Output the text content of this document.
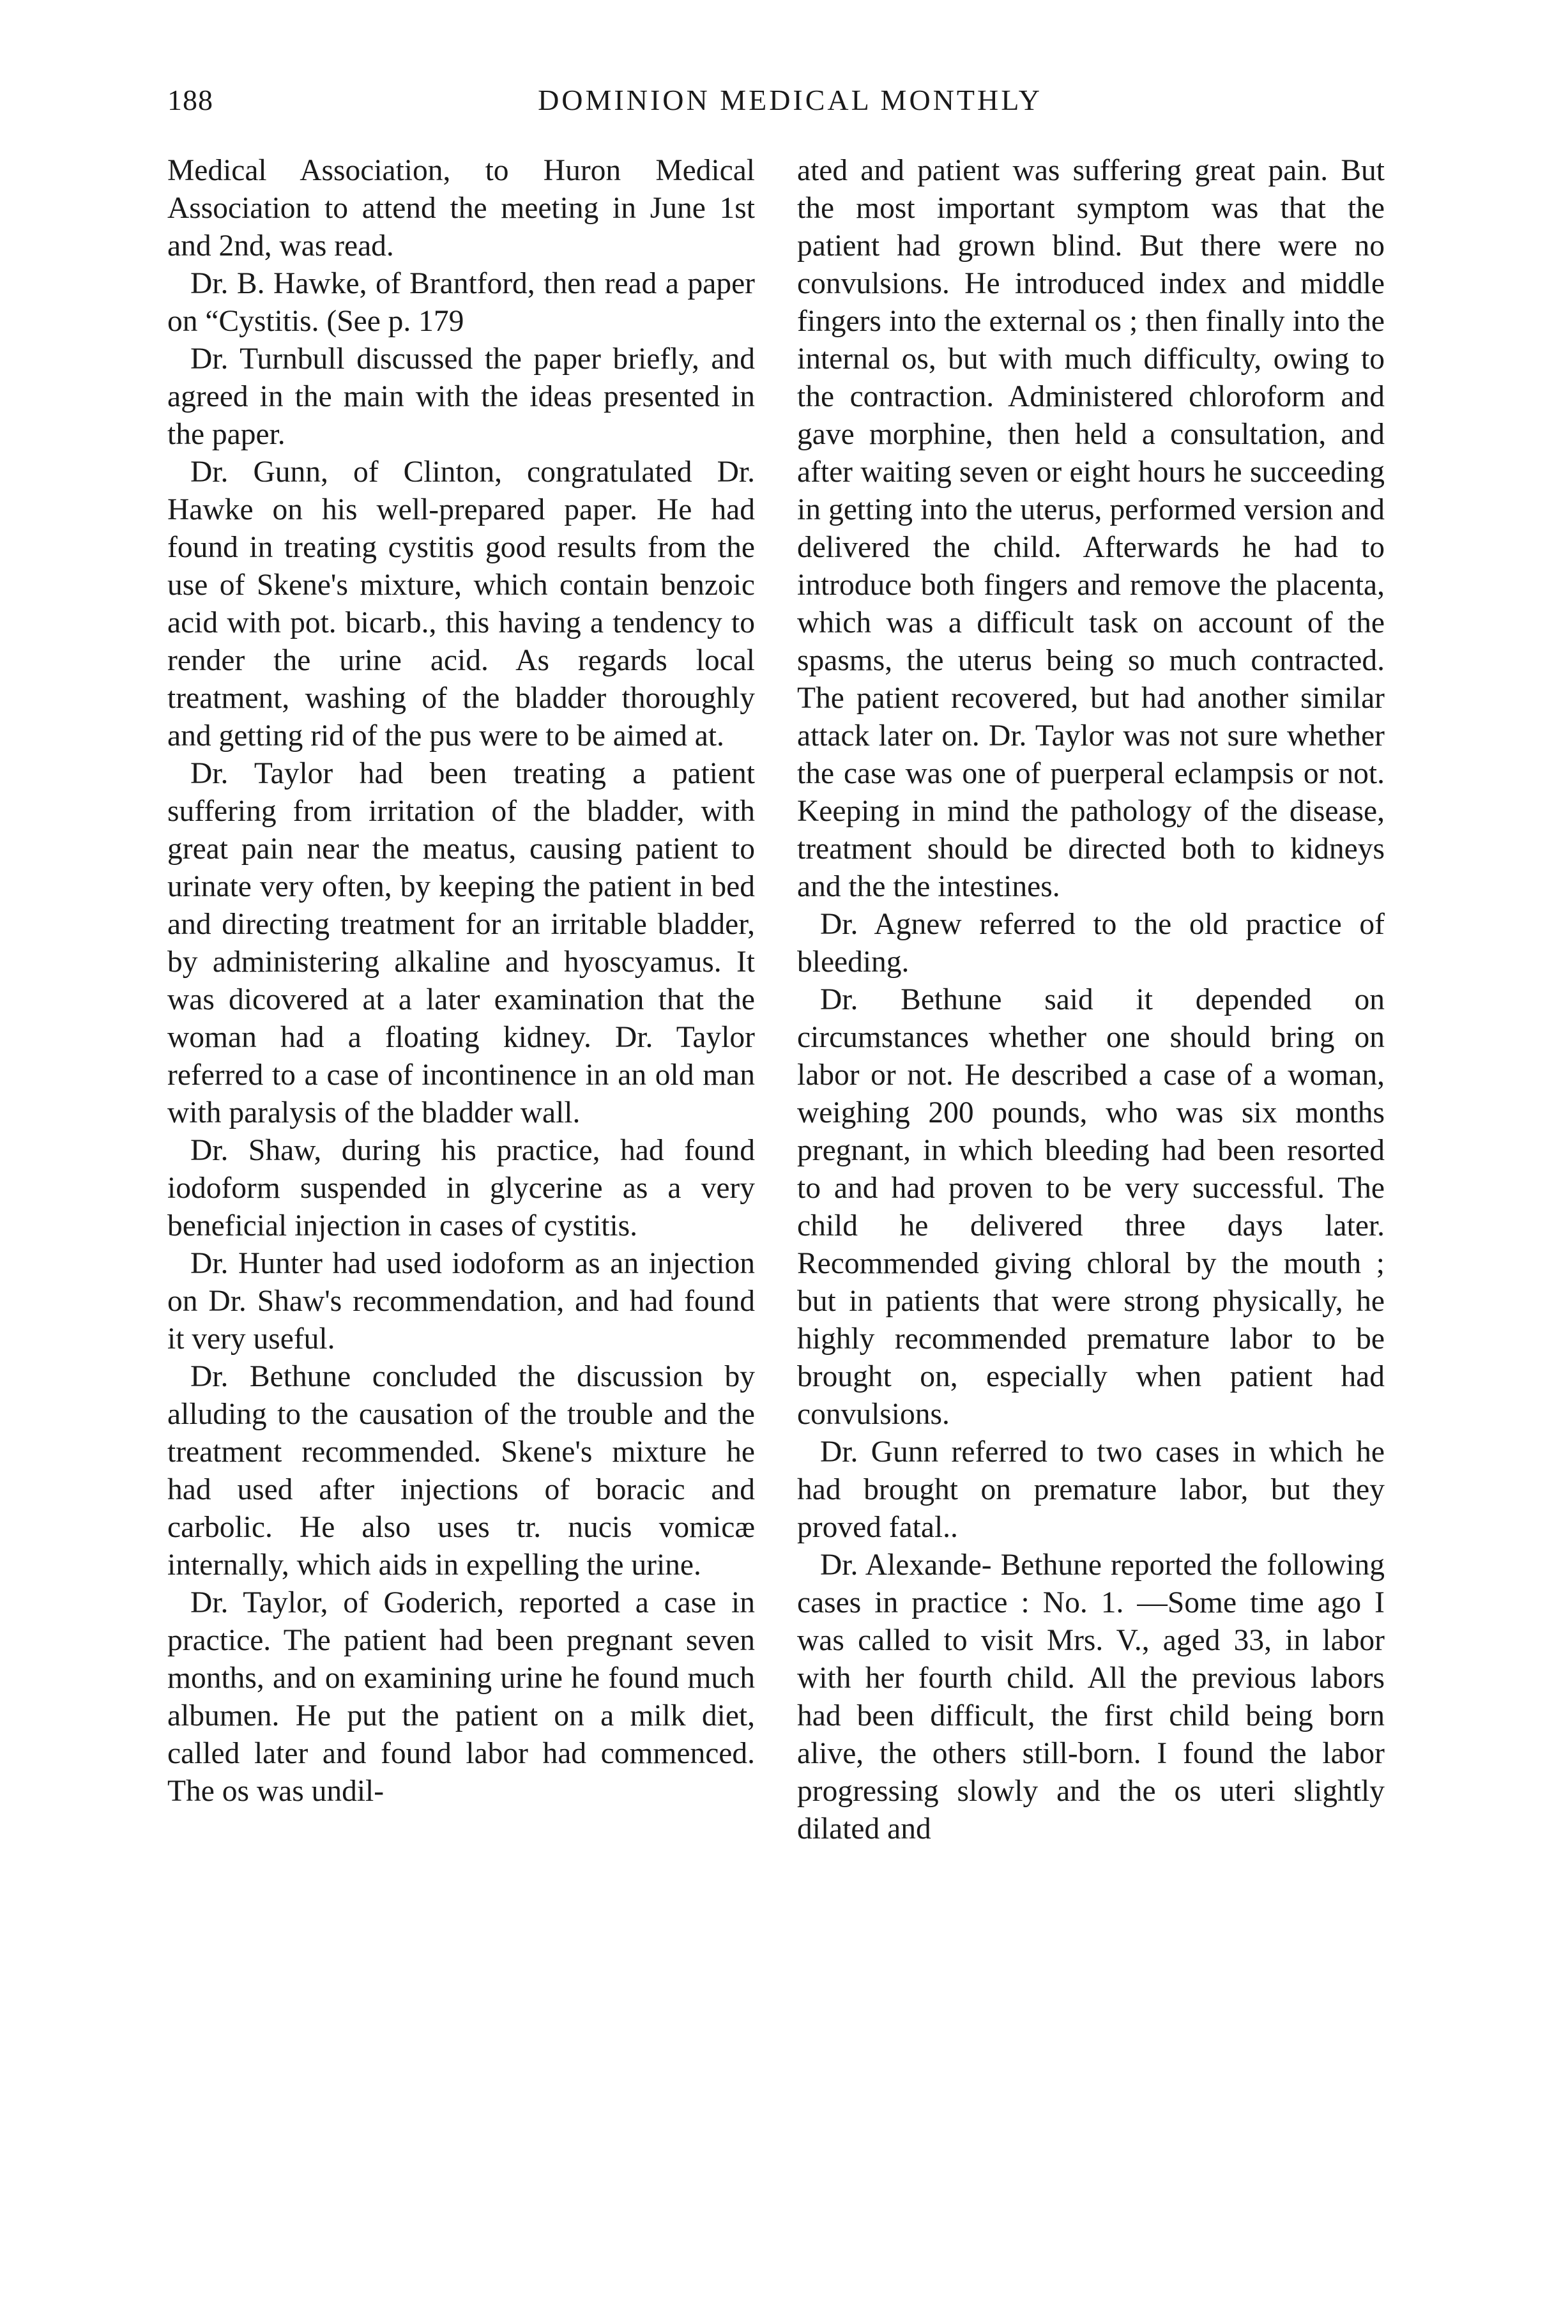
188	DOMINION MEDICAL MONTHLY

Medical Association, to Huron Medical Association to attend the meeting in June 1st and 2nd, was read.

Dr. B. Hawke, of Brantford, then read a paper on “Cystitis. (See p. 179

Dr. Turnbull discussed the paper briefly, and agreed in the main with the ideas presented in the paper.

Dr. Gunn, of Clinton, congratulated Dr. Hawke on his well-prepared paper. He had found in treating cystitis good results from the use of Skene's mixture, which contain benzoic acid with pot. bicarb., this having a tendency to render the urine acid. As regards local treatment, washing of the bladder thoroughly and getting rid of the pus were to be aimed at.

Dr. Taylor had been treating a patient suffering from irritation of the bladder, with great pain near the meatus, causing patient to urinate very often, by keeping the patient in bed and directing treatment for an irritable bladder, by administering alkaline and hyoscyamus. It was dicovered at a later examination that the woman had a floating kidney. Dr. Taylor referred to a case of incontinence in an old man with paralysis of the bladder wall.

Dr. Shaw, during his practice, had found iodoform suspended in glycerine as a very beneficial injection in cases of cystitis.

Dr. Hunter had used iodoform as an injection on Dr. Shaw's recommendation, and had found it very useful.

Dr. Bethune concluded the discussion by alluding to the causation of the trouble and the treatment recommended. Skene's mixture he had used after injections of boracic and carbolic. He also uses tr. nucis vomicæ internally, which aids in expelling the urine.

Dr. Taylor, of Goderich, reported a case in practice. The patient had been pregnant seven months, and on examining urine he found much albumen. He put the patient on a milk diet, called later and found labor had commenced. The os was undil-

ated and patient was suffering great pain. But the most important symptom was that the patient had grown blind. But there were no convulsions. He introduced index and middle fingers into the external os ; then finally into the internal os, but with much difficulty, owing to the contraction. Administered chloroform and gave morphine, then held a consultation, and after waiting seven or eight hours he succeeding in getting into the uterus, performed version and delivered the child. Afterwards he had to introduce both fingers and remove the placenta, which was a difficult task on account of the spasms, the uterus being so much contracted. The patient recovered, but had another similar attack later on. Dr. Taylor was not sure whether the case was one of puerperal eclampsis or not. Keeping in mind the pathology of the disease, treatment should be directed both to kidneys and the the intestines.

Dr. Agnew referred to the old practice of bleeding.

Dr. Bethune said it depended on circumstances whether one should bring on labor or not. He described a case of a woman, weighing 200 pounds, who was six months pregnant, in which bleeding had been resorted to and had proven to be very successful. The child he delivered three days later. Recommended giving chloral by the mouth ; but in patients that were strong physically, he highly recommended premature labor to be brought on, especially when patient had convulsions.

Dr. Gunn referred to two cases in which he had brought on premature labor, but they proved fatal..

Dr. Alexande- Bethune reported the following cases in practice : No. 1. —Some time ago I was called to visit Mrs. V., aged 33, in labor with her fourth child. All the previous labors had been difficult, the first child being born alive, the others still-born. I found the labor progressing slowly and the os uteri slightly dilated and
